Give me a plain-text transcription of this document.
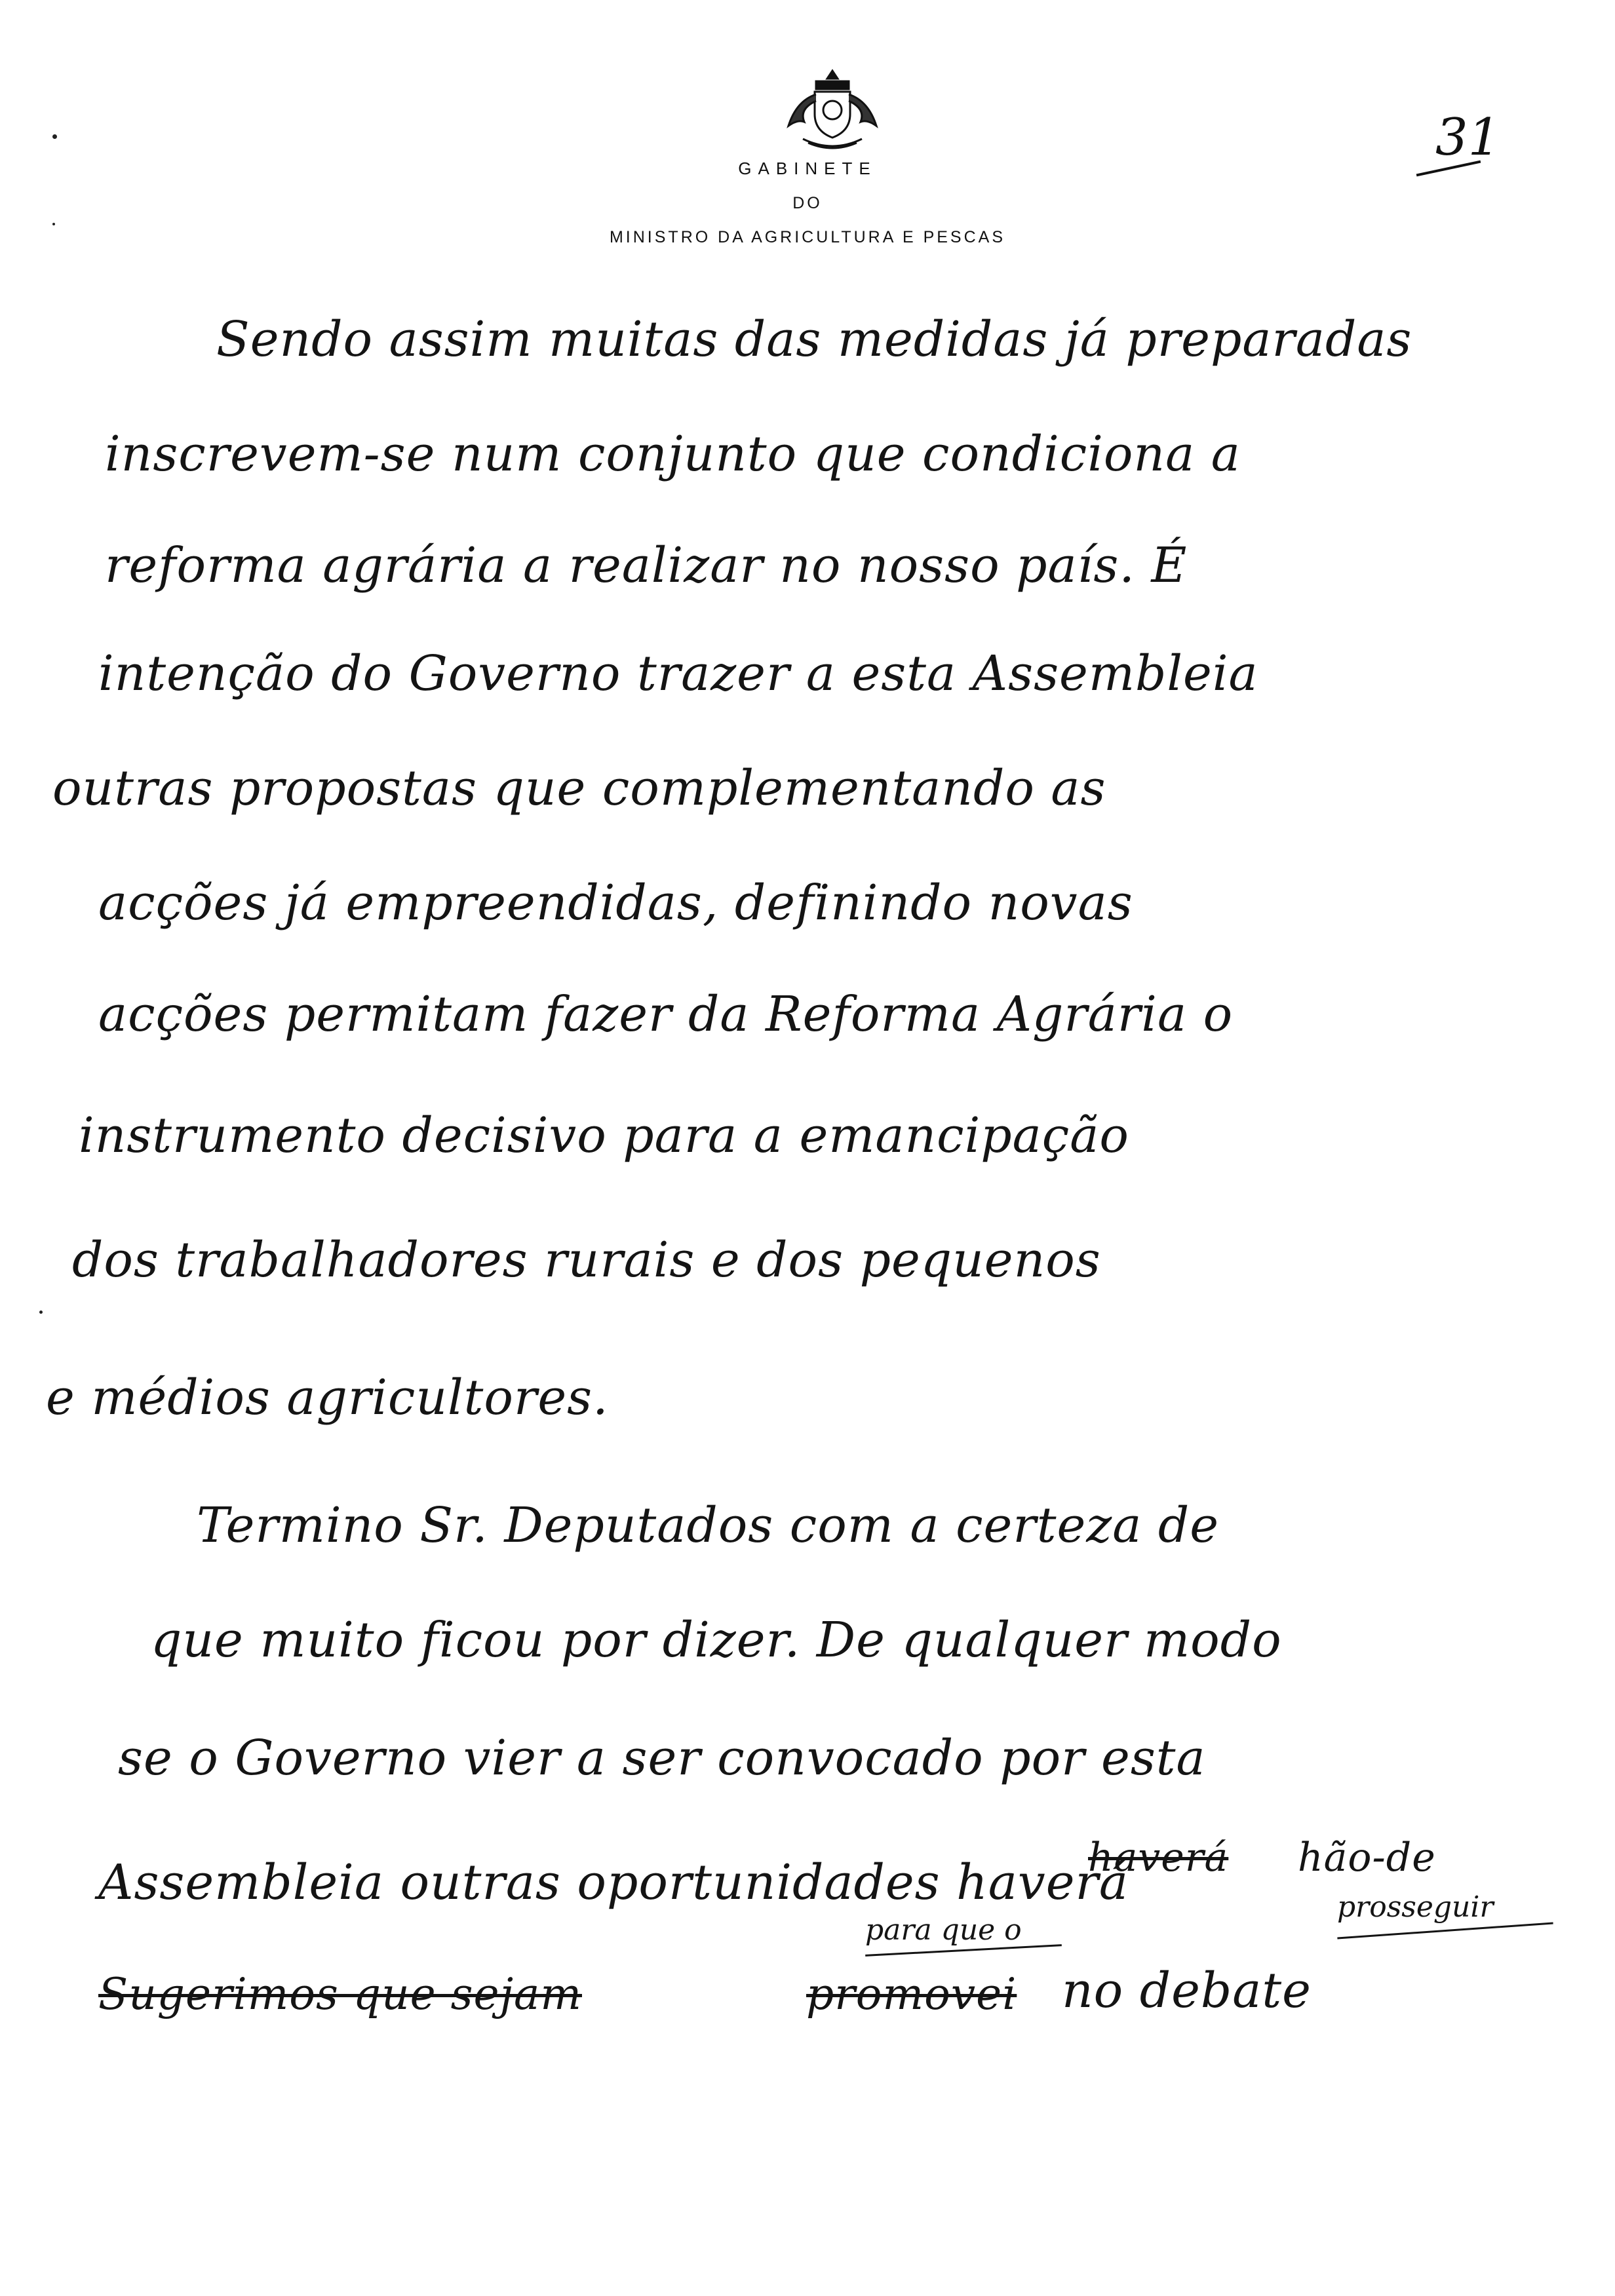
GABINETE
DO
MINISTRO DA AGRICULTURA E PESCAS
31
Sendo assim muitas das medidas já preparadas
inscrevem-se num conjunto que condiciona a
reforma agrária a realizar no nosso país. É
intenção do Governo trazer a esta Assembleia
outras propostas que complementando as
acções já empreendidas, definindo novas
acções permitam fazer da Reforma Agrária o
instrumento decisivo para a emancipação
dos trabalhadores rurais e dos pequenos
e médios agricultores.
Termino Sr. Deputados com a certeza de
que muito ficou por dizer. De qualquer modo
se o Governo vier a ser convocado por esta
Assembleia outras oportunidades haverá
haverá hão-de
para que o
prosseguir
Sugerimos que sejam	promovei no debate
